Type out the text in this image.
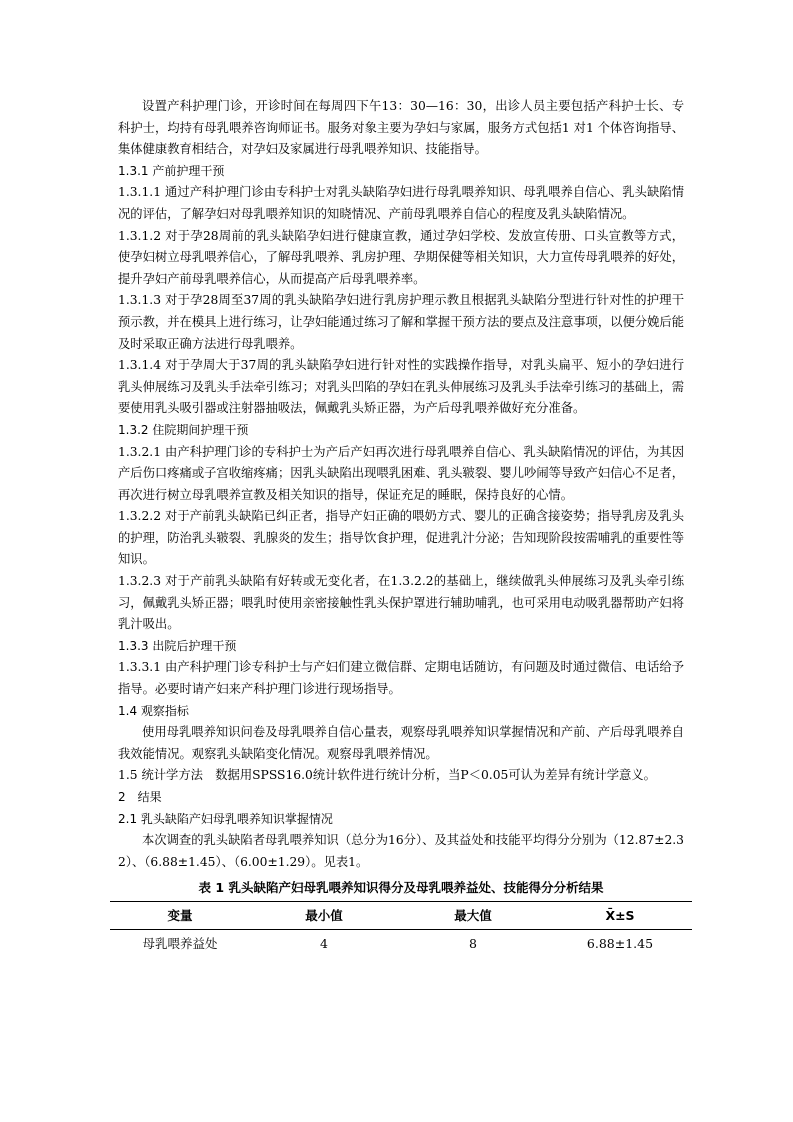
设置产科护理门诊，开诊时间在每周四下午13：30—16：30，出诊人员主要包括产科护士长、专科护士，均持有母乳喂养咨询师证书。服务对象主要为孕妇与家属，服务方式包括1 对1 个体咨询指导、集体健康教育相结合，对孕妇及家属进行母乳喂养知识、技能指导。

1.3.1 产前护理干预

1.3.1.1 通过产科护理门诊由专科护士对乳头缺陷孕妇进行母乳喂养知识、母乳喂养自信心、乳头缺陷情况的评估，了解孕妇对母乳喂养知识的知晓情况、产前母乳喂养自信心的程度及乳头缺陷情况。

1.3.1.2 对于孕28周前的乳头缺陷孕妇进行健康宣教，通过孕妇学校、发放宣传册、口头宣教等方式，使孕妇树立母乳喂养信心，了解母乳喂养、乳房护理、孕期保健等相关知识，大力宣传母乳喂养的好处，提升孕妇产前母乳喂养信心，从而提高产后母乳喂养率。

1.3.1.3 对于孕28周至37周的乳头缺陷孕妇进行乳房护理示教且根据乳头缺陷分型进行针对性的护理干预示教，并在模具上进行练习，让孕妇能通过练习了解和掌握干预方法的要点及注意事项，以便分娩后能及时采取正确方法进行母乳喂养。

1.3.1.4 对于孕周大于37周的乳头缺陷孕妇进行针对性的实践操作指导，对乳头扁平、短小的孕妇进行乳头伸展练习及乳头手法牵引练习；对乳头凹陷的孕妇在乳头伸展练习及乳头手法牵引练习的基础上，需要使用乳头吸引器或注射器抽吸法，佩戴乳头矫正器，为产后母乳喂养做好充分准备。

1.3.2 住院期间护理干预

1.3.2.1 由产科护理门诊的专科护士为产后产妇再次进行母乳喂养自信心、乳头缺陷情况的评估，为其因产后伤口疼痛或子宫收缩疼痛；因乳头缺陷出现喂乳困难、乳头皲裂、婴儿吵闹等导致产妇信心不足者，再次进行树立母乳喂养宣教及相关知识的指导，保证充足的睡眠，保持良好的心情。

1.3.2.2 对于产前乳头缺陷已纠正者，指导产妇正确的喂奶方式、婴儿的正确含接姿势；指导乳房及乳头的护理，防治乳头皲裂、乳腺炎的发生；指导饮食护理，促进乳汁分泌；告知现阶段按需哺乳的重要性等知识。

1.3.2.3 对于产前乳头缺陷有好转或无变化者，在1.3.2.2的基础上，继续做乳头伸展练习及乳头牵引练习，佩戴乳头矫正器；喂乳时使用亲密接触性乳头保护罩进行辅助哺乳，也可采用电动吸乳器帮助产妇将乳汁吸出。

1.3.3 出院后护理干预

1.3.3.1 由产科护理门诊专科护士与产妇们建立微信群、定期电话随访，有问题及时通过微信、电话给予指导。必要时请产妇来产科护理门诊进行现场指导。

1.4 观察指标

使用母乳喂养知识问卷及母乳喂养自信心量表，观察母乳喂养知识掌握情况和产前、产后母乳喂养自我效能情况。观察乳头缺陷变化情况。观察母乳喂养情况。

1.5 统计学方法　数据用SPSS16.0统计软件进行统计分析，当P＜0.05可认为差异有统计学意义。

2　结果

2.1 乳头缺陷产妇母乳喂养知识掌握情况

本次调查的乳头缺陷者母乳喂养知识（总分为16分）、及其益处和技能平均得分分别为（12.87±2.32）、（6.88±1.45）、（6.00±1.29）。见表1。

表 1 乳头缺陷产妇母乳喂养知识得分及母乳喂养益处、技能得分分析结果
变量	最小值	最大值	X̄±S
母乳喂养益处	4	8	6.88±1.45
